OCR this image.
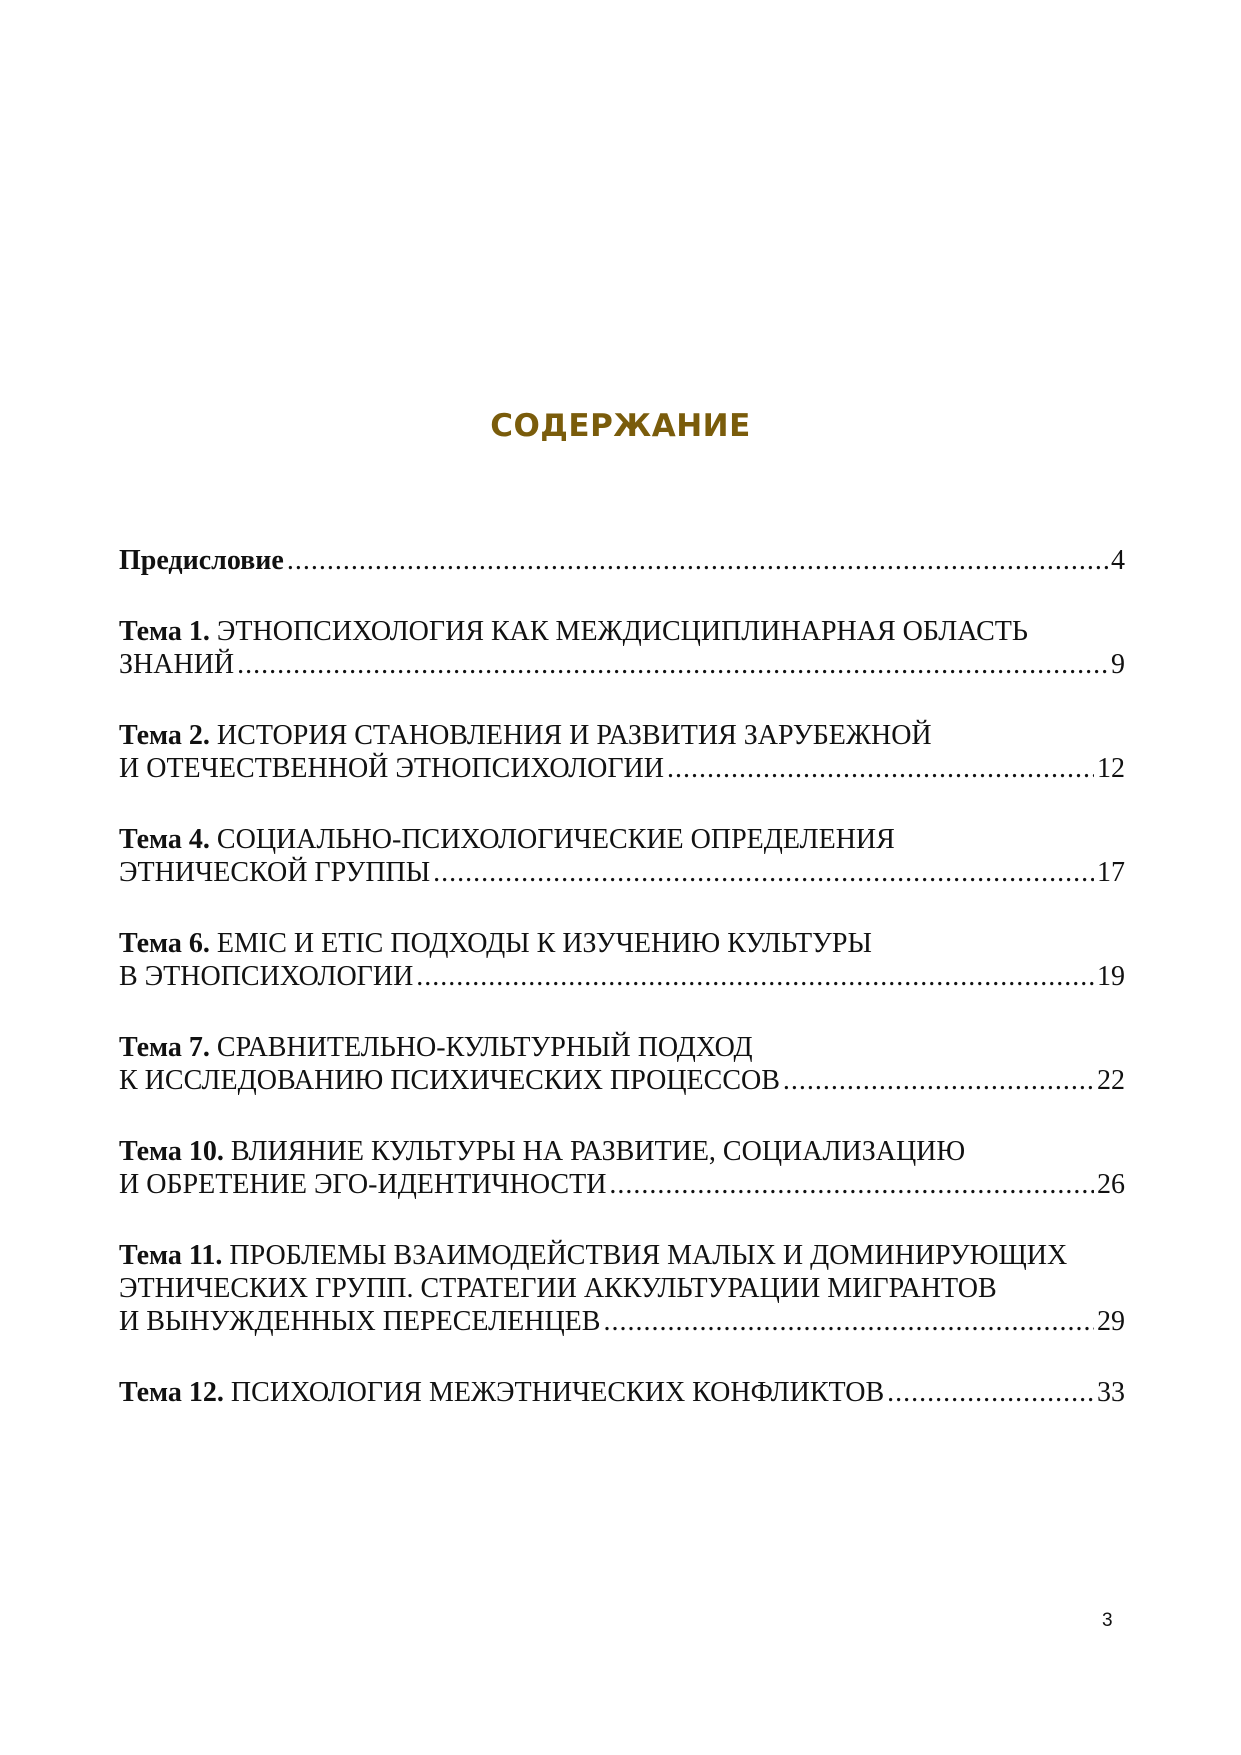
СОДЕРЖАНИЕ
Предисловие .....	4
Тема 1. ЭТНОПСИХОЛОГИЯ КАК МЕЖДИСЦИПЛИНАРНАЯ ОБЛАСТЬ
ЗНАНИЙ .....	9
Тема 2. ИСТОРИЯ СТАНОВЛЕНИЯ И РАЗВИТИЯ ЗАРУБЕЖНОЙ
И ОТЕЧЕСТВЕННОЙ ЭТНОПСИХОЛОГИИ .....	12
Тема 4. СОЦИАЛЬНО-ПСИХОЛОГИЧЕСКИЕ ОПРЕДЕЛЕНИЯ
ЭТНИЧЕСКОЙ ГРУППЫ .....	17
Тема 6. EMIC И ETIC ПОДХОДЫ К ИЗУЧЕНИЮ КУЛЬТУРЫ
В ЭТНОПСИХОЛОГИИ .....	19
Тема 7. СРАВНИТЕЛЬНО-КУЛЬТУРНЫЙ ПОДХОД
К ИССЛЕДОВАНИЮ ПСИХИЧЕСКИХ ПРОЦЕССОВ .....	22
Тема 10. ВЛИЯНИЕ КУЛЬТУРЫ НА РАЗВИТИЕ, СОЦИАЛИЗАЦИЮ
И ОБРЕТЕНИЕ ЭГО-ИДЕНТИЧНОСТИ .....	26
Тема 11. ПРОБЛЕМЫ ВЗАИМОДЕЙСТВИЯ МАЛЫХ И ДОМИНИРУЮЩИХ
ЭТНИЧЕСКИХ ГРУПП. СТРАТЕГИИ АККУЛЬТУРАЦИИ МИГРАНТОВ
И ВЫНУЖДЕННЫХ ПЕРЕСЕЛЕНЦЕВ .....	29
Тема 12. ПСИХОЛОГИЯ МЕЖЭТНИЧЕСКИХ КОНФЛИКТОВ .....	33
3
